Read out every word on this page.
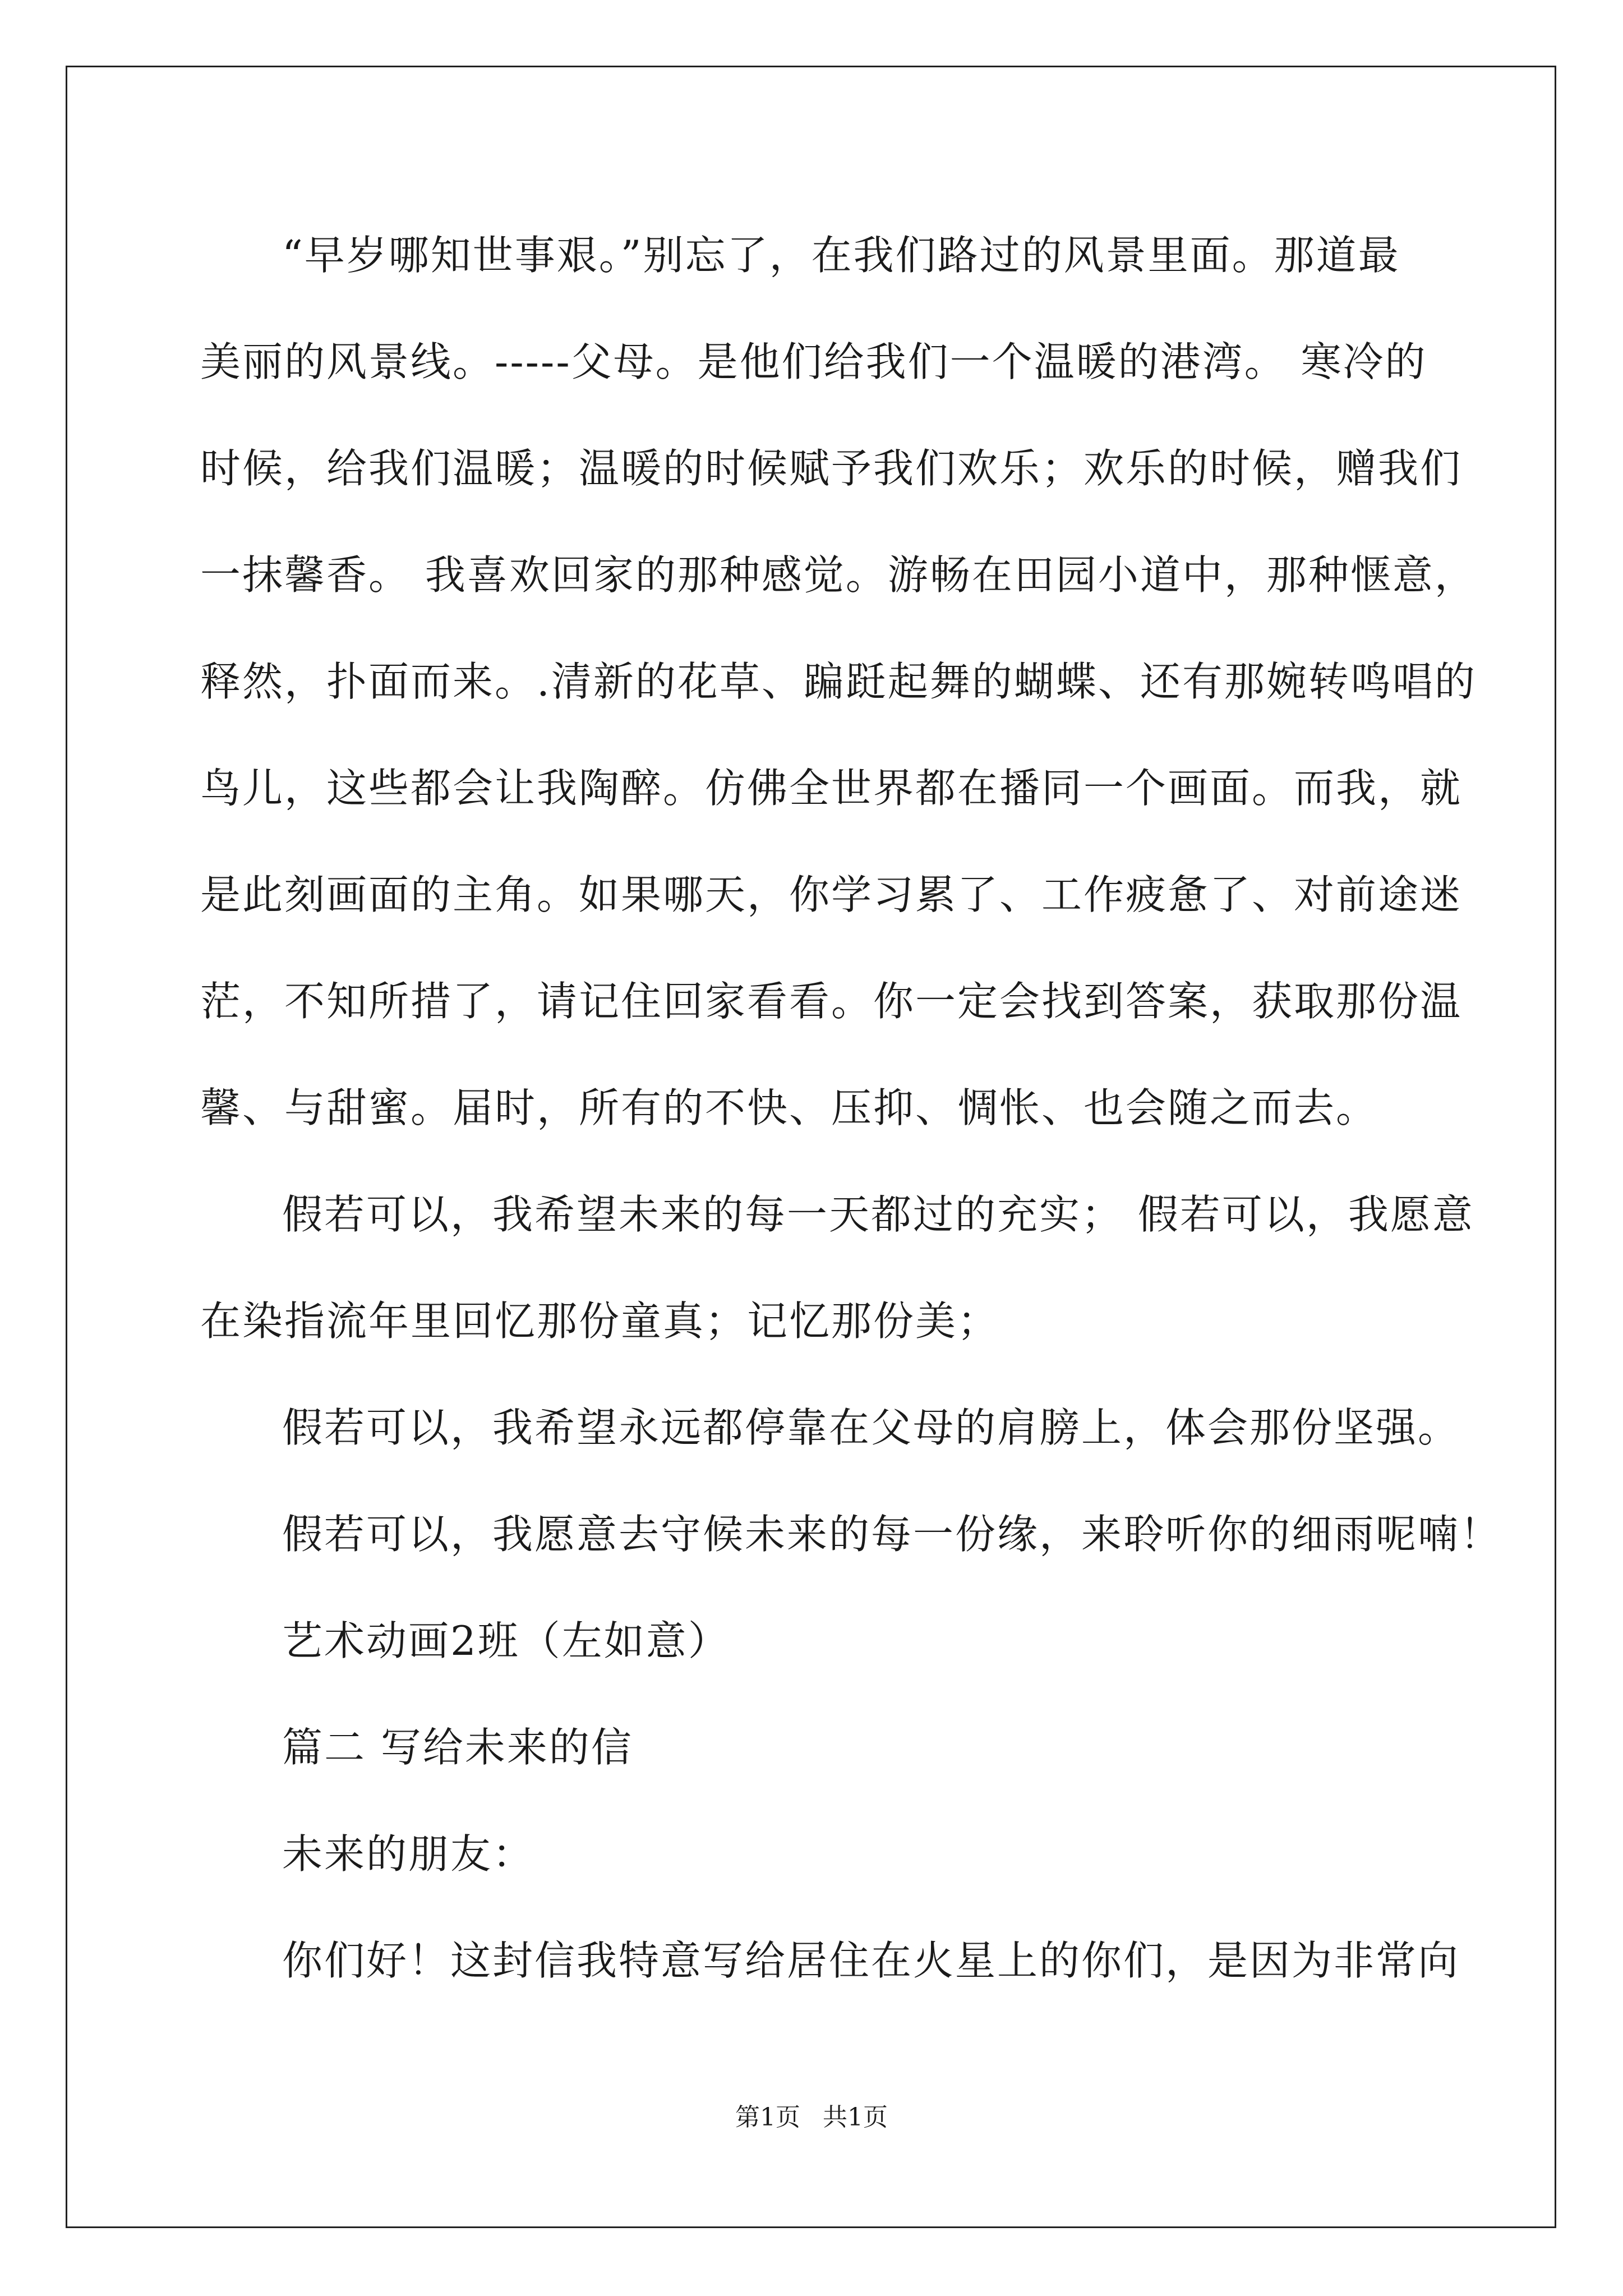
“早岁哪知世事艰。”别忘了，在我们路过的风景里面。那道最
美丽的风景线。-----父母。是他们给我们一个温暖的港湾。 寒冷的
时候，给我们温暖；温暖的时候赋予我们欢乐；欢乐的时候，赠我们
一抹馨香。 我喜欢回家的那种感觉。游畅在田园小道中，那种惬意，
释然，扑面而来。.清新的花草、蹁跹起舞的蝴蝶、还有那婉转鸣唱的
鸟儿，这些都会让我陶醉。仿佛全世界都在播同一个画面。而我，就
是此刻画面的主角。如果哪天，你学习累了、工作疲惫了、对前途迷
茫，不知所措了，请记住回家看看。你一定会找到答案，获取那份温
馨、与甜蜜。届时，所有的不快、压抑、惆怅、也会随之而去。
假若可以，我希望未来的每一天都过的充实； 假若可以，我愿意
在染指流年里回忆那份童真；记忆那份美；
假若可以，我希望永远都停靠在父母的肩膀上，体会那份坚强。
假若可以，我愿意去守候未来的每一份缘，来聆听你的细雨呢喃！
艺术动画2班（左如意）
篇二 写给未来的信
未来的朋友：
你们好！这封信我特意写给居住在火星上的你们，是因为非常向
第1页 共1页
